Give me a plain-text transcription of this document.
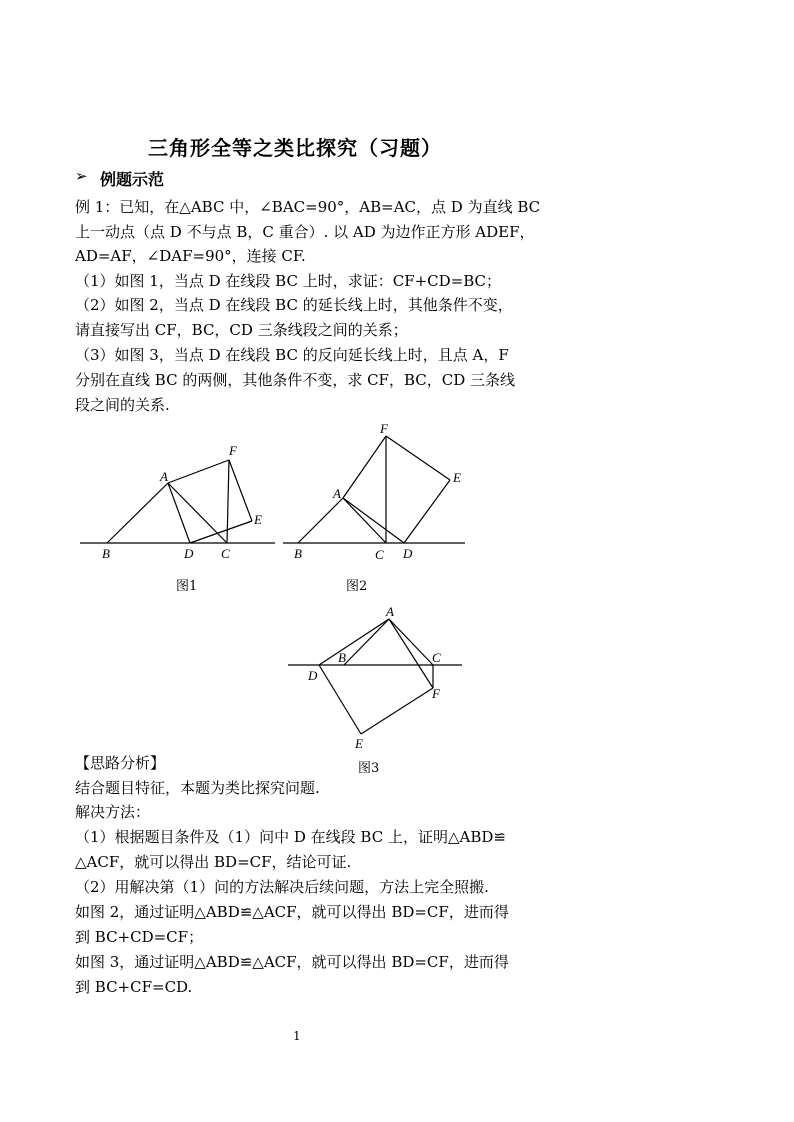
三角形全等之类比探究（习题）
➢ 例题示范
例 1：已知，在△ABC 中，∠BAC=90°，AB=AC，点 D 为直线 BC
上一动点（点 D 不与点 B，C 重合）. 以 AD 为边作正方形 ADEF，
AD=AF，∠DAF=90°，连接 CF.
（1）如图 1，当点 D 在线段 BC 上时，求证：CF+CD=BC；
（2）如图 2，当点 D 在线段 BC 的延长线上时，其他条件不变，
请直接写出 CF，BC，CD 三条线段之间的关系；
（3）如图 3，当点 D 在线段 BC 的反向延长线上时，且点 A，F
分别在直线 BC 的两侧，其他条件不变，求 CF，BC，CD 三条线
段之间的关系.
A
B	C
D
E
F
A
B	C D
E
F
图1	图2
A
B	C
D
E
F
图3
【思路分析】
结合题目特征，本题为类比探究问题.
解决方法：
（1）根据题目条件及（1）问中 D 在线段 BC 上，证明△ABD≌
△ACF，就可以得出 BD=CF，结论可证.
（2）用解决第（1）问的方法解决后续问题，方法上完全照搬.
如图 2，通过证明△ABD≌△ACF，就可以得出 BD=CF，进而得
到 BC+CD=CF；
如图 3，通过证明△ABD≌△ACF，就可以得出 BD=CF，进而得
到 BC+CF=CD.
1
